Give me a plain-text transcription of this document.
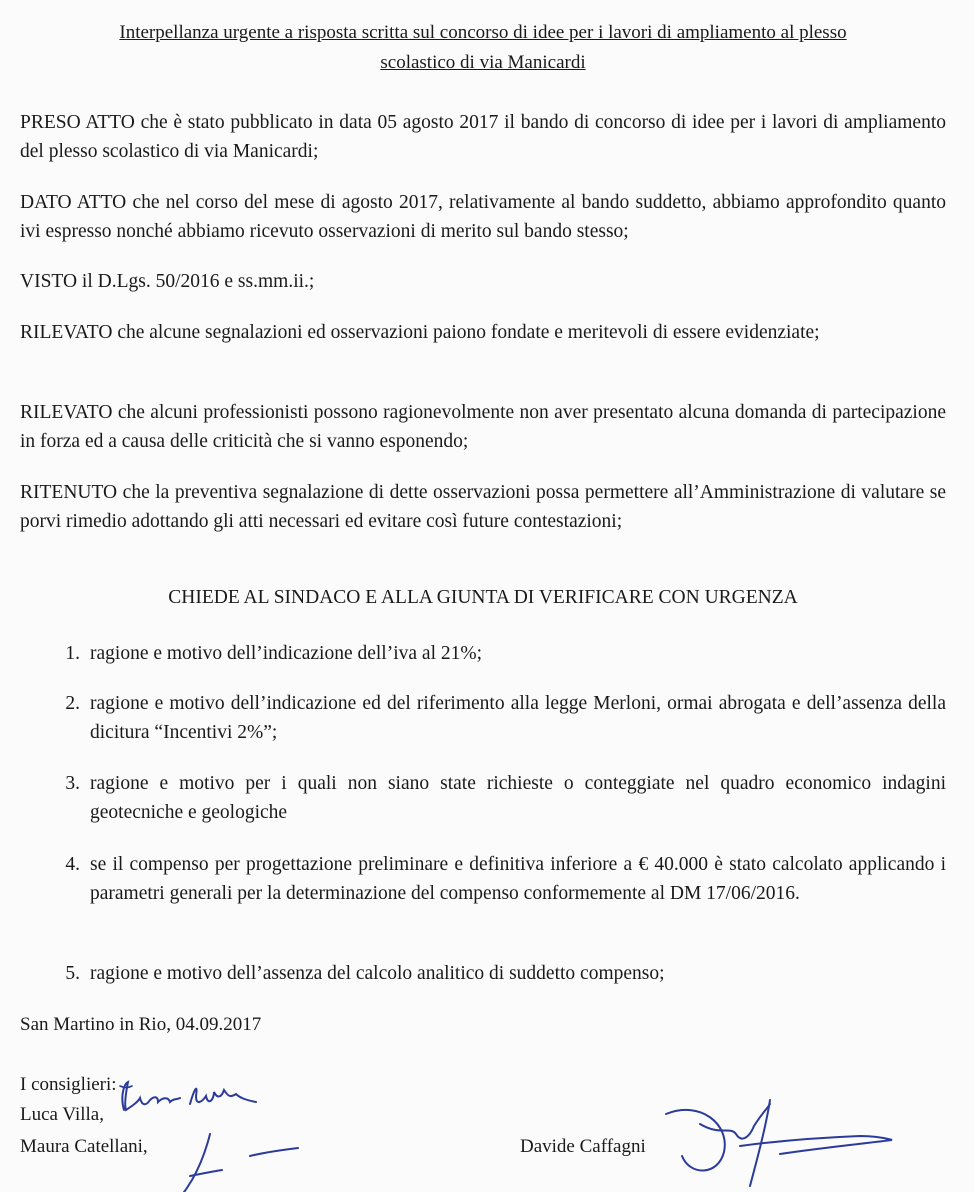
Interpellanza urgente a risposta scritta sul concorso di idee per i lavori di ampliamento al plesso
scolastico di via Manicardi

PRESO ATTO che è stato pubblicato in data 05 agosto 2017 il bando di concorso di idee per i lavori di ampliamento del plesso scolastico di via Manicardi;

DATO ATTO che nel corso del mese di agosto 2017, relativamente al bando suddetto, abbiamo approfondito quanto ivi espresso nonché abbiamo ricevuto osservazioni di merito sul bando stesso;

VISTO il D.Lgs. 50/2016 e ss.mm.ii.;

RILEVATO che alcune segnalazioni ed osservazioni paiono fondate e meritevoli di essere evidenziate;

RILEVATO che alcuni professionisti possono ragionevolmente non aver presentato alcuna domanda di partecipazione in forza ed a causa delle criticità che si vanno esponendo;

RITENUTO che la preventiva segnalazione di dette osservazioni possa permettere all’Amministrazione di valutare se porvi rimedio adottando gli atti necessari ed evitare così future contestazioni;

CHIEDE AL SINDACO E ALLA GIUNTA DI VERIFICARE CON URGENZA
1. ragione e motivo dell’indicazione dell’iva al 21%;
2. ragione e motivo dell’indicazione ed del riferimento alla legge Merloni, ormai abrogata e dell’assenza della dicitura “Incentivi 2%”;
3. ragione e motivo per i quali non siano state richieste o conteggiate nel quadro economico indagini geotecniche e geologiche
4. se il compenso per progettazione preliminare e definitiva inferiore a € 40.000 è stato calcolato applicando i parametri generali per la determinazione del compenso conformemente al DM 17/06/2016.
5. ragione e motivo dell’assenza del calcolo analitico di suddetto compenso;
San Martino in Rio, 04.09.2017
I consiglieri:
Luca Villa,
Maura Catellani,	Davide Caffagni
